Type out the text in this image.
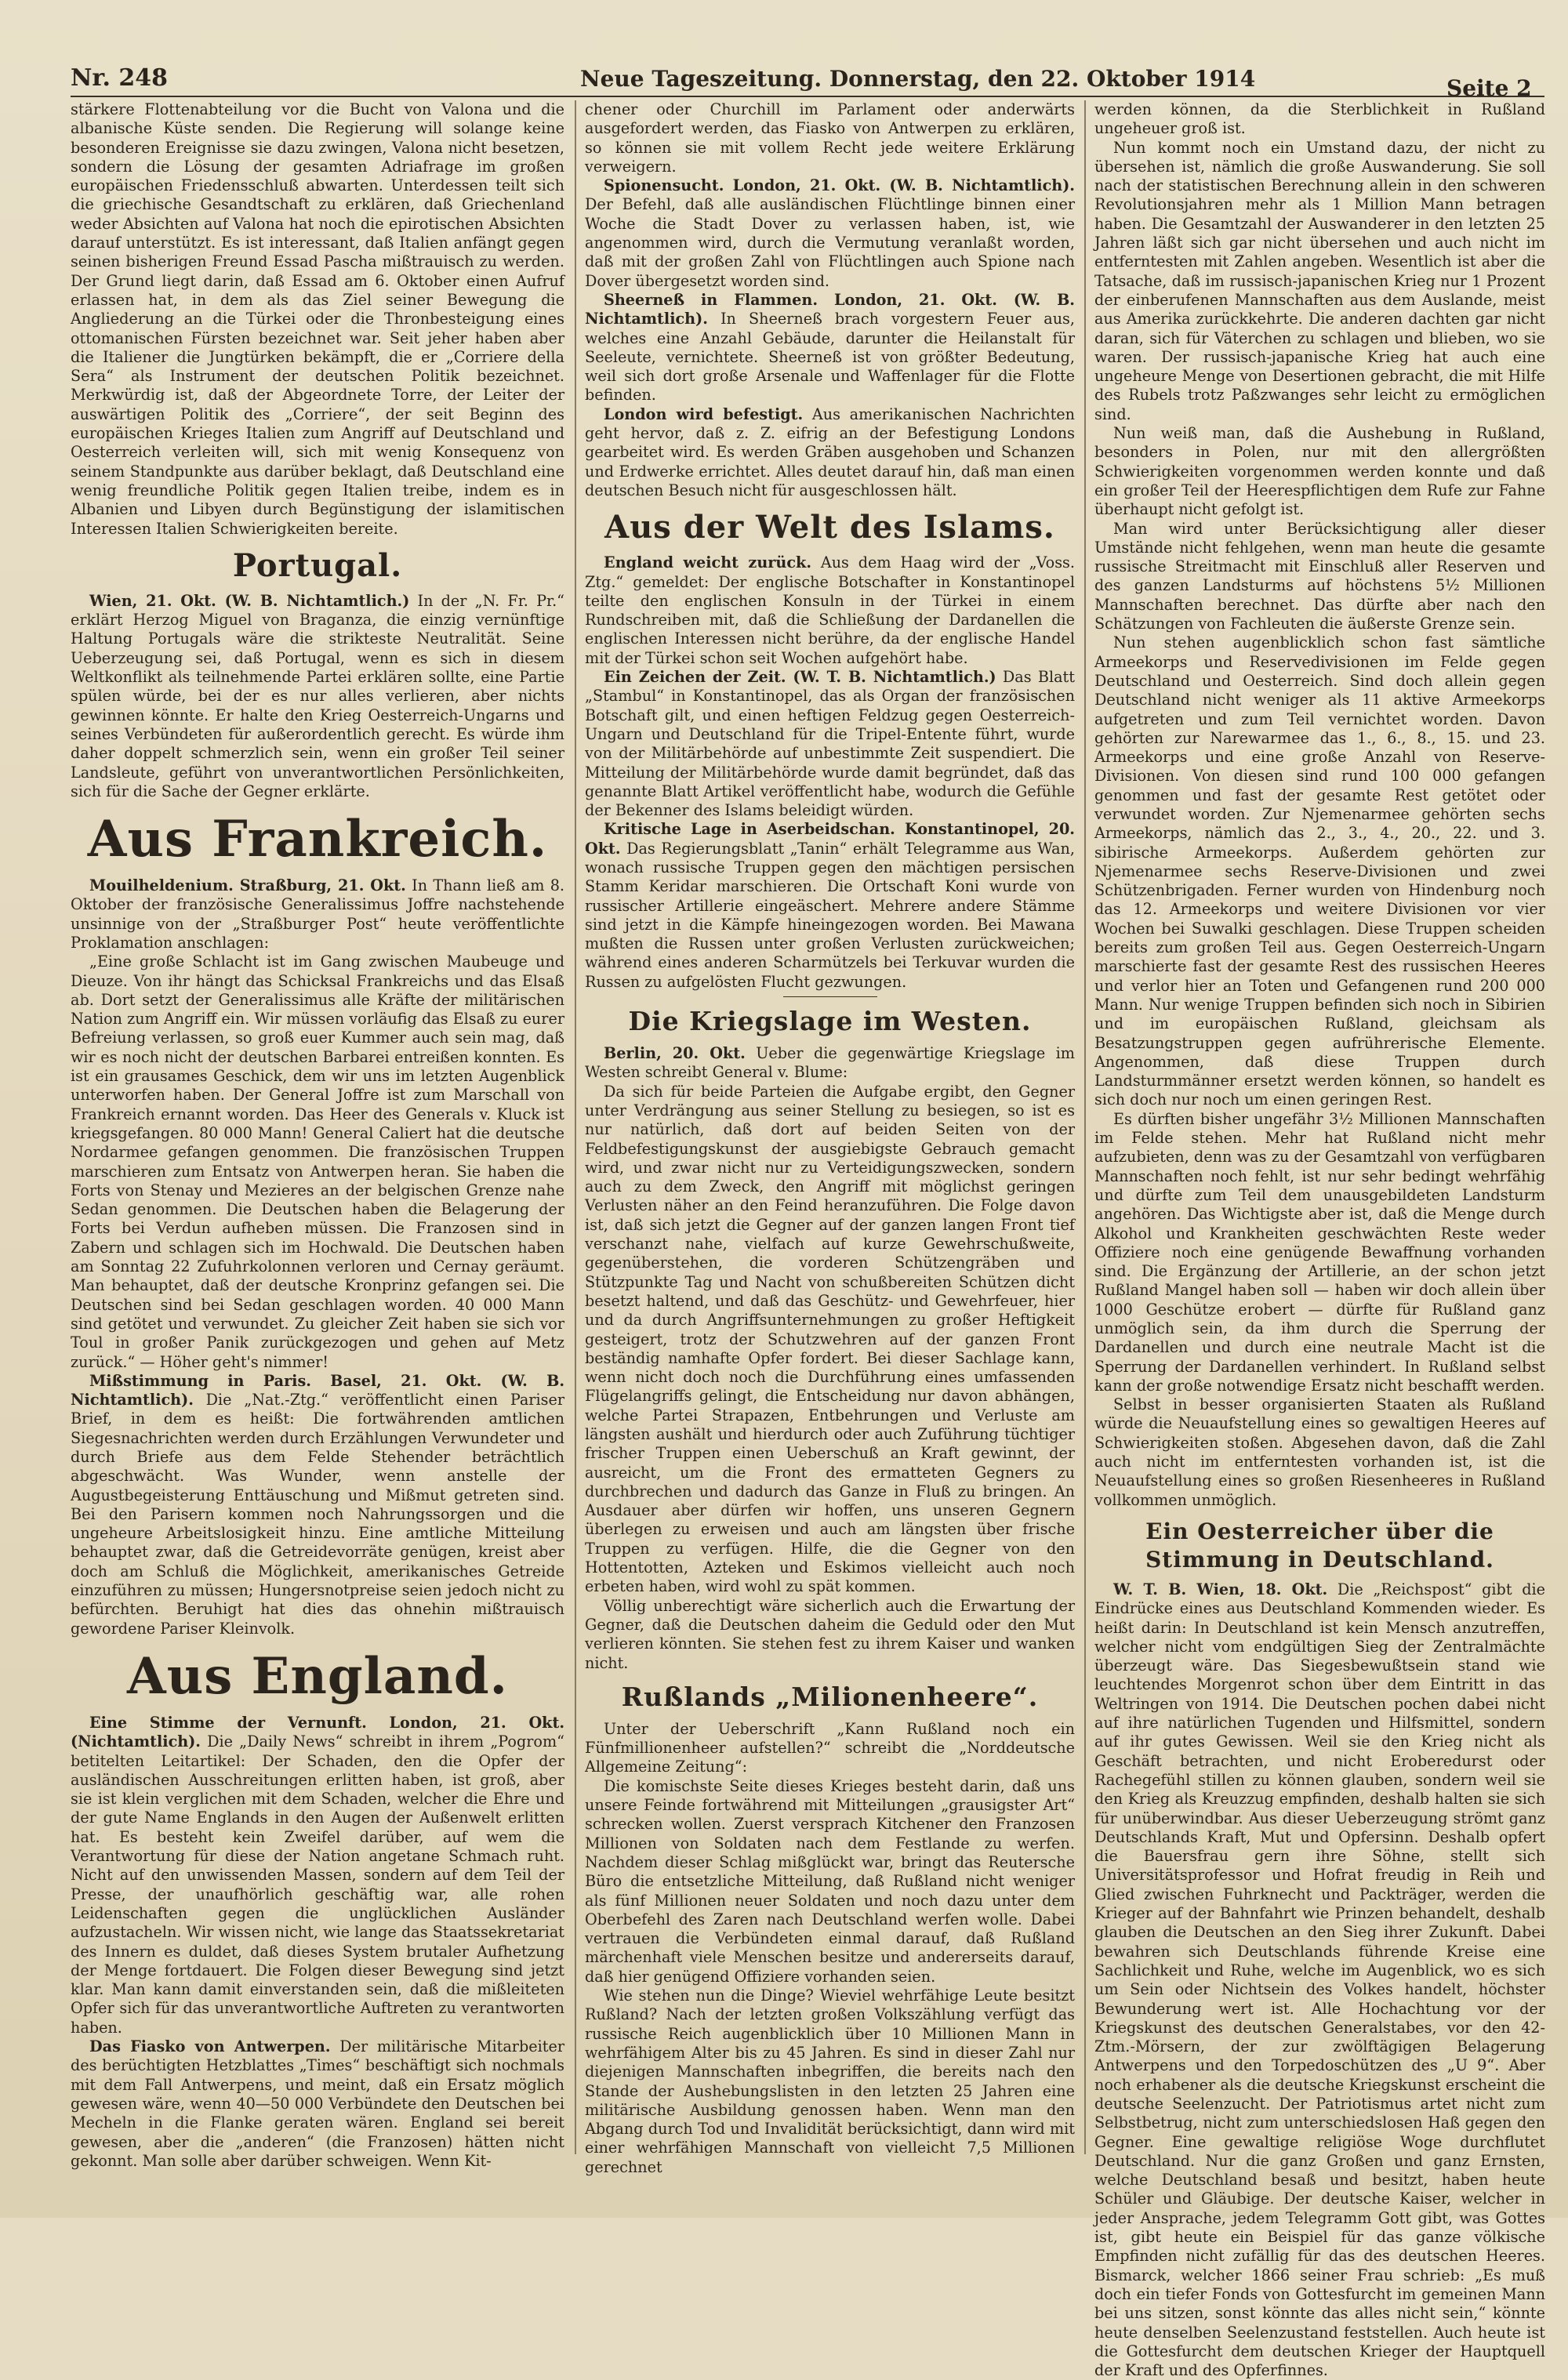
Nr. 248	Neue Tageszeitung. Donnerstag, den 22. Oktober 1914	Seite 2

stärkere Flottenabteilung vor die Bucht von Valona und die albanische Küste senden. Die Regierung will solange keine besonderen Ereignisse sie dazu zwingen, Valona nicht besetzen, sondern die Lösung der gesamten Adriafrage im großen europäischen Friedensschluß abwarten. Unterdessen teilt sich die griechische Gesandtschaft zu erklären, daß Griechenland weder Absichten auf Valona hat noch die epirotischen Absichten darauf unterstützt. Es ist interessant, daß Italien anfängt gegen seinen bisherigen Freund Essad Pascha mißtrauisch zu werden. Der Grund liegt darin, daß Essad am 6. Oktober einen Aufruf erlassen hat, in dem als das Ziel seiner Bewegung die Angliederung an die Türkei oder die Thronbesteigung eines ottomanischen Fürsten bezeichnet war. Seit jeher haben aber die Italiener die Jungtürken bekämpft, die er „Corriere della Sera“ als Instrument der deutschen Politik bezeichnet. Merkwürdig ist, daß der Abgeordnete Torre, der Leiter der auswärtigen Politik des „Corriere“, der seit Beginn des europäischen Krieges Italien zum Angriff auf Deutschland und Oesterreich verleiten will, sich mit wenig Konsequenz von seinem Standpunkte aus darüber beklagt, daß Deutschland eine wenig freundliche Politik gegen Italien treibe, indem es in Albanien und Libyen durch Begünstigung der islamitischen Interessen Italien Schwierigkeiten bereite.

Portugal.

Wien, 21. Okt. (W. B. Nichtamtlich.) In der „N. Fr. Pr.“ erklärt Herzog Miguel von Braganza, die einzig vernünftige Haltung Portugals wäre die strikteste Neutralität. Seine Ueberzeugung sei, daß Portugal, wenn es sich in diesem Weltkonflikt als teilnehmende Partei erklären sollte, eine Partie spülen würde, bei der es nur alles verlieren, aber nichts gewinnen könnte. Er halte den Krieg Oesterreich-Ungarns und seines Verbündeten für außerordentlich gerecht. Es würde ihm daher doppelt schmerzlich sein, wenn ein großer Teil seiner Landsleute, geführt von unverantwortlichen Persönlichkeiten, sich für die Sache der Gegner erklärte.

Aus Frankreich.

Mouilheldenium. Straßburg, 21. Okt. In Thann ließ am 8. Oktober der französische Generalissimus Joffre nachstehende unsinnige von der „Straßburger Post“ heute veröffentlichte Proklamation anschlagen:

„Eine große Schlacht ist im Gang zwischen Maubeuge und Dieuze. Von ihr hängt das Schicksal Frankreichs und das Elsaß ab. Dort setzt der Generalissimus alle Kräfte der militärischen Nation zum Angriff ein. Wir müssen vorläufig das Elsaß zu eurer Befreiung verlassen, so groß euer Kummer auch sein mag, daß wir es noch nicht der deutschen Barbarei entreißen konnten. Es ist ein grausames Geschick, dem wir uns im letzten Augenblick unterworfen haben. Der General Joffre ist zum Marschall von Frankreich ernannt worden. Das Heer des Generals v. Kluck ist kriegsgefangen. 80 000 Mann! General Caliert hat die deutsche Nordarmee gefangen genommen. Die französischen Truppen marschieren zum Entsatz von Antwerpen heran. Sie haben die Forts von Stenay und Mezieres an der belgischen Grenze nahe Sedan genommen. Die Deutschen haben die Belagerung der Forts bei Verdun aufheben müssen. Die Franzosen sind in Zabern und schlagen sich im Hochwald. Die Deutschen haben am Sonntag 22 Zufuhrkolonnen verloren und Cernay geräumt. Man behauptet, daß der deutsche Kronprinz gefangen sei. Die Deutschen sind bei Sedan geschlagen worden. 40 000 Mann sind getötet und verwundet. Zu gleicher Zeit haben sie sich vor Toul in großer Panik zurückgezogen und gehen auf Metz zurück.“ — Höher geht's nimmer!

Mißstimmung in Paris. Basel, 21. Okt. (W. B. Nichtamtlich). Die „Nat.-Ztg.“ veröffentlicht einen Pariser Brief, in dem es heißt: Die fortwährenden amtlichen Siegesnachrichten werden durch Erzählungen Verwundeter und durch Briefe aus dem Felde Stehender beträchtlich abgeschwächt. Was Wunder, wenn anstelle der Augustbegeisterung Enttäuschung und Mißmut getreten sind. Bei den Parisern kommen noch Nahrungssorgen und die ungeheure Arbeitslosigkeit hinzu. Eine amtliche Mitteilung behauptet zwar, daß die Getreidevorräte genügen, kreist aber doch am Schluß die Möglichkeit, amerikanisches Getreide einzuführen zu müssen; Hungersnotpreise seien jedoch nicht zu befürchten. Beruhigt hat dies das ohnehin mißtrauisch gewordene Pariser Kleinvolk.

Aus England.

Eine Stimme der Vernunft. London, 21. Okt. (Nichtamtlich). Die „Daily News“ schreibt in ihrem „Pogrom“ betitelten Leitartikel: Der Schaden, den die Opfer der ausländischen Ausschreitungen erlitten haben, ist groß, aber sie ist klein verglichen mit dem Schaden, welcher die Ehre und der gute Name Englands in den Augen der Außenwelt erlitten hat. Es besteht kein Zweifel darüber, auf wem die Verantwortung für diese der Nation angetane Schmach ruht. Nicht auf den unwissenden Massen, sondern auf dem Teil der Presse, der unaufhörlich geschäftig war, alle rohen Leidenschaften gegen die unglücklichen Ausländer aufzustacheln. Wir wissen nicht, wie lange das Staatssekretariat des Innern es duldet, daß dieses System brutaler Aufhetzung der Menge fortdauert. Die Folgen dieser Bewegung sind jetzt klar. Man kann damit einverstanden sein, daß die mißleiteten Opfer sich für das unverantwortliche Auftreten zu verantworten haben.

Das Fiasko von Antwerpen. Der militärische Mitarbeiter des berüchtigten Hetzblattes „Times“ beschäftigt sich nochmals mit dem Fall Antwerpens, und meint, daß ein Ersatz möglich gewesen wäre, wenn 40—50 000 Verbündete den Deutschen bei Mecheln in die Flanke geraten wären. England sei bereit gewesen, aber die „anderen“ (die Franzosen) hätten nicht gekonnt. Man solle aber darüber schweigen. Wenn Kit-

chener oder Churchill im Parlament oder anderwärts ausgefordert werden, das Fiasko von Antwerpen zu erklären, so können sie mit vollem Recht jede weitere Erklärung verweigern.

Spionensucht. London, 21. Okt. (W. B. Nichtamtlich). Der Befehl, daß alle ausländischen Flüchtlinge binnen einer Woche die Stadt Dover zu verlassen haben, ist, wie angenommen wird, durch die Vermutung veranlaßt worden, daß mit der großen Zahl von Flüchtlingen auch Spione nach Dover übergesetzt worden sind.

Sheerneß in Flammen. London, 21. Okt. (W. B. Nichtamtlich). In Sheerneß brach vorgestern Feuer aus, welches eine Anzahl Gebäude, darunter die Heilanstalt für Seeleute, vernichtete. Sheerneß ist von größter Bedeutung, weil sich dort große Arsenale und Waffenlager für die Flotte befinden.

London wird befestigt. Aus amerikanischen Nachrichten geht hervor, daß z. Z. eifrig an der Befestigung Londons gearbeitet wird. Es werden Gräben ausgehoben und Schanzen und Erdwerke errichtet. Alles deutet darauf hin, daß man einen deutschen Besuch nicht für ausgeschlossen hält.

Aus der Welt des Islams.

England weicht zurück. Aus dem Haag wird der „Voss. Ztg.“ gemeldet: Der englische Botschafter in Konstantinopel teilte den englischen Konsuln in der Türkei in einem Rundschreiben mit, daß die Schließung der Dardanellen die englischen Interessen nicht berühre, da der englische Handel mit der Türkei schon seit Wochen aufgehört habe.

Ein Zeichen der Zeit. (W. T. B. Nichtamtlich.) Das Blatt „Stambul“ in Konstantinopel, das als Organ der französischen Botschaft gilt, und einen heftigen Feldzug gegen Oesterreich-Ungarn und Deutschland für die Tripel-Entente führt, wurde von der Militärbehörde auf unbestimmte Zeit suspendiert. Die Mitteilung der Militärbehörde wurde damit begründet, daß das genannte Blatt Artikel veröffentlicht habe, wodurch die Gefühle der Bekenner des Islams beleidigt würden.

Kritische Lage in Aserbeidschan. Konstantinopel, 20. Okt. Das Regierungsblatt „Tanin“ erhält Telegramme aus Wan, wonach russische Truppen gegen den mächtigen persischen Stamm Keridar marschieren. Die Ortschaft Koni wurde von russischer Artillerie eingeäschert. Mehrere andere Stämme sind jetzt in die Kämpfe hineingezogen worden. Bei Mawana mußten die Russen unter großen Verlusten zurückweichen; während eines anderen Scharmützels bei Terkuvar wurden die Russen zu aufgelösten Flucht gezwungen.

Die Kriegslage im Westen.

Berlin, 20. Okt. Ueber die gegenwärtige Kriegslage im Westen schreibt General v. Blume:

Da sich für beide Parteien die Aufgabe ergibt, den Gegner unter Verdrängung aus seiner Stellung zu besiegen, so ist es nur natürlich, daß dort auf beiden Seiten von der Feldbefestigungskunst der ausgiebigste Gebrauch gemacht wird, und zwar nicht nur zu Verteidigungszwecken, sondern auch zu dem Zweck, den Angriff mit möglichst geringen Verlusten näher an den Feind heranzuführen. Die Folge davon ist, daß sich jetzt die Gegner auf der ganzen langen Front tief verschanzt nahe, vielfach auf kurze Gewehrschußweite, gegenüberstehen, die vorderen Schützengräben und Stützpunkte Tag und Nacht von schußbereiten Schützen dicht besetzt haltend, und daß das Geschütz- und Gewehrfeuer, hier und da durch Angriffsunternehmungen zu großer Heftigkeit gesteigert, trotz der Schutzwehren auf der ganzen Front beständig namhafte Opfer fordert. Bei dieser Sachlage kann, wenn nicht doch noch die Durchführung eines umfassenden Flügelangriffs gelingt, die Entscheidung nur davon abhängen, welche Partei Strapazen, Entbehrungen und Verluste am längsten aushält und hierdurch oder auch Zuführung tüchtiger frischer Truppen einen Ueberschuß an Kraft gewinnt, der ausreicht, um die Front des ermatteten Gegners zu durchbrechen und dadurch das Ganze in Fluß zu bringen. An Ausdauer aber dürfen wir hoffen, uns unseren Gegnern überlegen zu erweisen und auch am längsten über frische Truppen zu verfügen. Hilfe, die die Gegner von den Hottentotten, Azteken und Eskimos vielleicht auch noch erbeten haben, wird wohl zu spät kommen.

Völlig unberechtigt wäre sicherlich auch die Erwartung der Gegner, daß die Deutschen daheim die Geduld oder den Mut verlieren könnten. Sie stehen fest zu ihrem Kaiser und wanken nicht.

Rußlands „Milionenheere“.

Unter der Ueberschrift „Kann Rußland noch ein Fünfmillionenheer aufstellen?“ schreibt die „Norddeutsche Allgemeine Zeitung“:

Die komischste Seite dieses Krieges besteht darin, daß uns unsere Feinde fortwährend mit Mitteilungen „grausigster Art“ schrecken wollen. Zuerst versprach Kitchener den Franzosen Millionen von Soldaten nach dem Festlande zu werfen. Nachdem dieser Schlag mißglückt war, bringt das Reutersche Büro die entsetzliche Mitteilung, daß Rußland nicht weniger als fünf Millionen neuer Soldaten und noch dazu unter dem Oberbefehl des Zaren nach Deutschland werfen wolle. Dabei vertrauen die Verbündeten einmal darauf, daß Rußland märchenhaft viele Menschen besitze und andererseits darauf, daß hier genügend Offiziere vorhanden seien.

Wie stehen nun die Dinge? Wieviel wehrfähige Leute besitzt Rußland? Nach der letzten großen Volkszählung verfügt das russische Reich augenblicklich über 10 Millionen Mann in wehrfähigem Alter bis zu 45 Jahren. Es sind in dieser Zahl nur diejenigen Mannschaften inbegriffen, die bereits nach den Stande der Aushebungslisten in den letzten 25 Jahren eine militärische Ausbildung genossen haben. Wenn man den Abgang durch Tod und Invalidität berücksichtigt, dann wird mit einer wehrfähigen Mannschaft von vielleicht 7,5 Millionen gerechnet

werden können, da die Sterblichkeit in Rußland ungeheuer groß ist.

Nun kommt noch ein Umstand dazu, der nicht zu übersehen ist, nämlich die große Auswanderung. Sie soll nach der statistischen Berechnung allein in den schweren Revolutionsjahren mehr als 1 Million Mann betragen haben. Die Gesamtzahl der Auswanderer in den letzten 25 Jahren läßt sich gar nicht übersehen und auch nicht im entferntesten mit Zahlen angeben. Wesentlich ist aber die Tatsache, daß im russisch-japanischen Krieg nur 1 Prozent der einberufenen Mannschaften aus dem Auslande, meist aus Amerika zurückkehrte. Die anderen dachten gar nicht daran, sich für Väterchen zu schlagen und blieben, wo sie waren. Der russisch-japanische Krieg hat auch eine ungeheure Menge von Desertionen gebracht, die mit Hilfe des Rubels trotz Paßzwanges sehr leicht zu ermöglichen sind.

Nun weiß man, daß die Aushebung in Rußland, besonders in Polen, nur mit den allergrößten Schwierigkeiten vorgenommen werden konnte und daß ein großer Teil der Heerespflichtigen dem Rufe zur Fahne überhaupt nicht gefolgt ist.

Man wird unter Berücksichtigung aller dieser Umstände nicht fehlgehen, wenn man heute die gesamte russische Streitmacht mit Einschluß aller Reserven und des ganzen Landsturms auf höchstens 5½ Millionen Mannschaften berechnet. Das dürfte aber nach den Schätzungen von Fachleuten die äußerste Grenze sein.

Nun stehen augenblicklich schon fast sämtliche Armeekorps und Reservedivisionen im Felde gegen Deutschland und Oesterreich. Sind doch allein gegen Deutschland nicht weniger als 11 aktive Armeekorps aufgetreten und zum Teil vernichtet worden. Davon gehörten zur Narewarmee das 1., 6., 8., 15. und 23. Armeekorps und eine große Anzahl von Reserve-Divisionen. Von diesen sind rund 100 000 gefangen genommen und fast der gesamte Rest getötet oder verwundet worden. Zur Njemenarmee gehörten sechs Armeekorps, nämlich das 2., 3., 4., 20., 22. und 3. sibirische Armeekorps. Außerdem gehörten zur Njemenarmee sechs Reserve-Divisionen und zwei Schützenbrigaden. Ferner wurden von Hindenburg noch das 12. Armeekorps und weitere Divisionen vor vier Wochen bei Suwalki geschlagen. Diese Truppen scheiden bereits zum großen Teil aus. Gegen Oesterreich-Ungarn marschierte fast der gesamte Rest des russischen Heeres und verlor hier an Toten und Gefangenen rund 200 000 Mann. Nur wenige Truppen befinden sich noch in Sibirien und im europäischen Rußland, gleichsam als Besatzungstruppen gegen aufrührerische Elemente. Angenommen, daß diese Truppen durch Landsturmmänner ersetzt werden können, so handelt es sich doch nur noch um einen geringen Rest.

Es dürften bisher ungefähr 3½ Millionen Mannschaften im Felde stehen. Mehr hat Rußland nicht mehr aufzubieten, denn was zu der Gesamtzahl von verfügbaren Mannschaften noch fehlt, ist nur sehr bedingt wehrfähig und dürfte zum Teil dem unausgebildeten Landsturm angehören. Das Wichtigste aber ist, daß die Menge durch Alkohol und Krankheiten geschwächten Reste weder Offiziere noch eine genügende Bewaffnung vorhanden sind. Die Ergänzung der Artillerie, an der schon jetzt Rußland Mangel haben soll — haben wir doch allein über 1000 Geschütze erobert — dürfte für Rußland ganz unmöglich sein, da ihm durch die Sperrung der Dardanellen und durch eine neutrale Macht ist die Sperrung der Dardanellen verhindert. In Rußland selbst kann der große notwendige Ersatz nicht beschafft werden.

Selbst in besser organisierten Staaten als Rußland würde die Neuaufstellung eines so gewaltigen Heeres auf Schwierigkeiten stoßen. Abgesehen davon, daß die Zahl auch nicht im entferntesten vorhanden ist, ist die Neuaufstellung eines so großen Riesenheeres in Rußland vollkommen unmöglich.

Ein Oesterreicher über die Stimmung in Deutschland.

W. T. B. Wien, 18. Okt. Die „Reichspost“ gibt die Eindrücke eines aus Deutschland Kommenden wieder. Es heißt darin: In Deutschland ist kein Mensch anzutreffen, welcher nicht vom endgültigen Sieg der Zentralmächte überzeugt wäre. Das Siegesbewußtsein stand wie leuchtendes Morgenrot schon über dem Eintritt in das Weltringen von 1914. Die Deutschen pochen dabei nicht auf ihre natürlichen Tugenden und Hilfsmittel, sondern auf ihr gutes Gewissen. Weil sie den Krieg nicht als Geschäft betrachten, und nicht Eroberedurst oder Rachegefühl stillen zu können glauben, sondern weil sie den Krieg als Kreuzzug empfinden, deshalb halten sie sich für unüberwindbar. Aus dieser Ueberzeugung strömt ganz Deutschlands Kraft, Mut und Opfersinn. Deshalb opfert die Bauersfrau gern ihre Söhne, stellt sich Universitätsprofessor und Hofrat freudig in Reih und Glied zwischen Fuhrknecht und Packträger, werden die Krieger auf der Bahnfahrt wie Prinzen behandelt, deshalb glauben die Deutschen an den Sieg ihrer Zukunft. Dabei bewahren sich Deutschlands führende Kreise eine Sachlichkeit und Ruhe, welche im Augenblick, wo es sich um Sein oder Nichtsein des Volkes handelt, höchster Bewunderung wert ist. Alle Hochachtung vor der Kriegskunst des deutschen Generalstabes, vor den 42-Ztm.-Mörsern, der zur zwölftägigen Belagerung Antwerpens und den Torpedoschützen des „U 9“. Aber noch erhabener als die deutsche Kriegskunst erscheint die deutsche Seelenzucht. Der Patriotismus artet nicht zum Selbstbetrug, nicht zum unterschiedslosen Haß gegen den Gegner. Eine gewaltige religiöse Woge durchflutet Deutschland. Nur die ganz Großen und ganz Ernsten, welche Deutschland besaß und besitzt, haben heute Schüler und Gläubige. Der deutsche Kaiser, welcher in jeder Ansprache, jedem Telegramm Gott gibt, was Gottes ist, gibt heute ein Beispiel für das ganze völkische Empfinden nicht zufällig für das des deutschen Heeres. Bismarck, welcher 1866 seiner Frau schrieb: „Es muß doch ein tiefer Fonds von Gottesfurcht im gemeinen Mann bei uns sitzen, sonst könnte das alles nicht sein,“ könnte heute denselben Seelenzustand feststellen. Auch heute ist die Gottesfurcht dem deutschen Krieger der Hauptquell der Kraft und des Opferfinnes.
